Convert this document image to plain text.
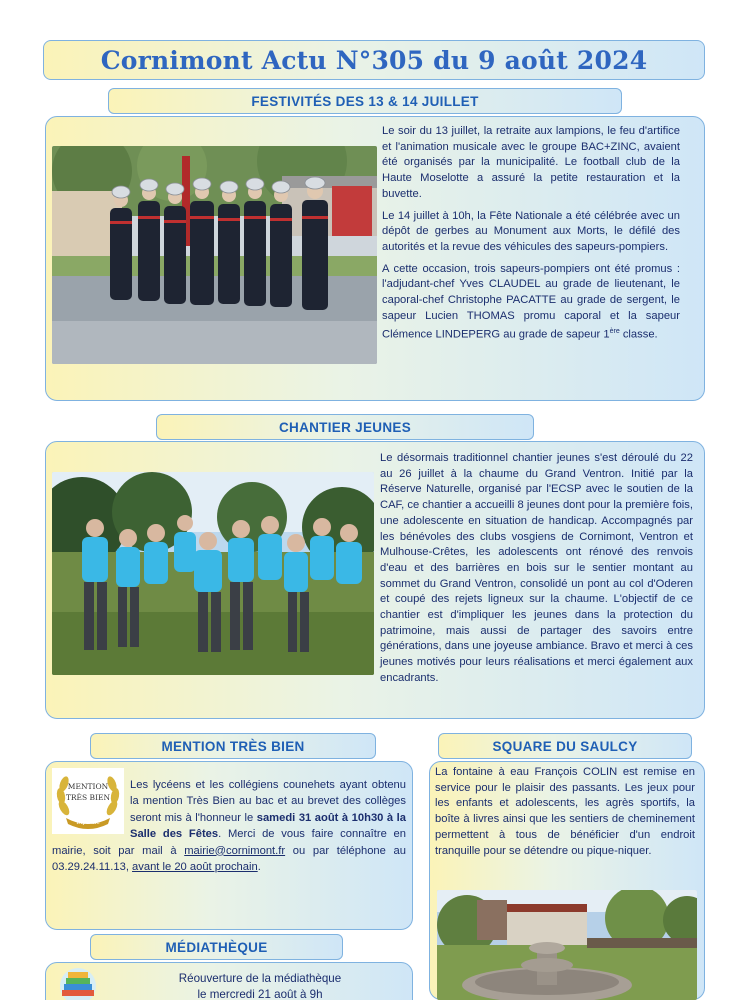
Cornimont Actu N°305 du 9 août 2024
FESTIVITÉS DES 13 & 14 JUILLET

Le soir du 13 juillet, la retraite aux lampions, le feu d'artifice et l'animation musicale avec le groupe BAC+ZINC, avaient été organisés par la municipalité. Le football club de la Haute Moselotte a assuré la petite restauration et la buvette.

Le 14 juillet à 10h, la Fête Nationale a été célébrée avec un dépôt de gerbes au Monument aux Morts, le défilé des autorités et la revue des véhicules des sapeurs-pompiers.

A cette occasion, trois sapeurs-pompiers ont été promus : l'adjudant-chef Yves CLAUDEL au grade de lieutenant, le caporal-chef Christophe PACATTE au grade de sergent, le sapeur Lucien THOMAS promu caporal et la sapeur Clémence LINDEPERG au grade de sapeur 1ère classe.

CHANTIER JEUNES
Le désormais traditionnel chantier jeunes s'est déroulé du 22 au 26 juillet à la chaume du Grand Ventron. Initié par la Réserve Naturelle, organisé par l'ECSP avec le soutien de la CAF, ce chantier a accueilli 8 jeunes dont pour la première fois, une adolescente en situation de handicap. Accompagnés par les bénévoles des clubs vosgiens de Cornimont, Ventron et Mulhouse-Crêtes, les adolescents ont rénové des renvois d'eau et des barrières en bois sur le sentier montant au sommet du Grand Ventron, consolidé un pont au col d'Oderen et coupé des rejets ligneux sur la chaume. L'objectif de ce chantier est d'impliquer les jeunes dans la protection du patrimoine, mais aussi de partager des savoirs entre générations, dans une joyeuse ambiance. Bravo et merci à ces jeunes motivés pour leurs réalisations et merci également aux encadrants.
MENTION TRÈS BIEN
MENTION
TRÈS BIEN
Diplômé
Les lycéens et les collégiens counehets ayant obtenu la mention Très Bien au bac et au brevet des collèges seront mis à l'honneur le samedi 31 août à 10h30 à la Salle des Fêtes. Merci de vous faire connaître en mairie, soit par mail à mairie@cornimont.fr ou par téléphone au 03.29.24.11.13, avant le 20 août prochain.
SQUARE DU SAULCY
La fontaine à eau François COLIN est remise en service pour le plaisir des passants. Les jeux pour les enfants et adolescents, les agrès sportifs, la boîte à livres ainsi que les sentiers de cheminement permettent à tous de bénéficier d'un endroit tranquille pour se détendre ou pique-niquer.
MÉDIATHÈQUE
Réouverture de la médiathèque
le mercredi 21 août à 9h
